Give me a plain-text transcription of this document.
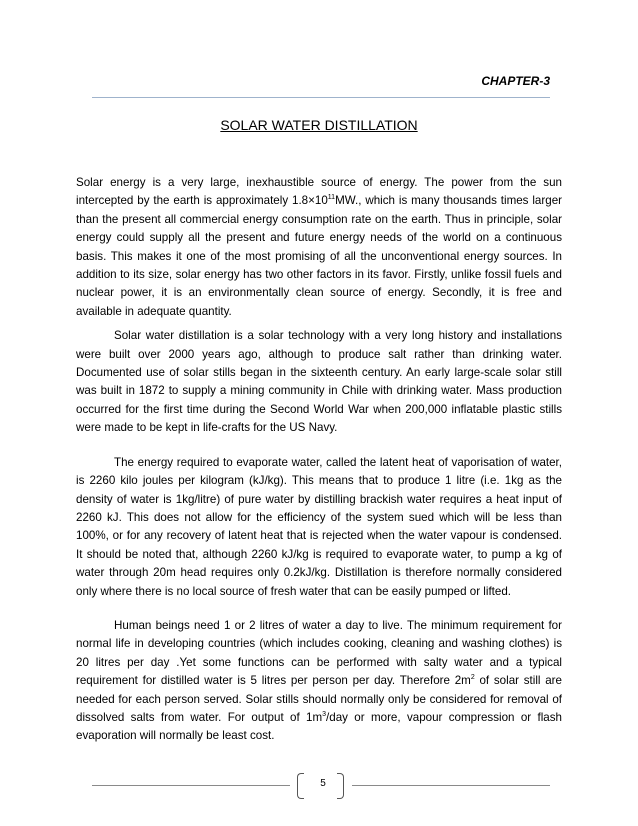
CHAPTER-3
SOLAR WATER DISTILLATION

Solar energy is a very large, inexhaustible source of energy. The power from the sun intercepted by the earth is approximately $1.8\times 10^{11}MW$., which is many thousands times larger than the present all commercial energy consumption rate on the earth. Thus in principle, solar energy could supply all the present and future energy needs of the world on a continuous basis. This makes it one of the most promising of all the unconventional energy sources. In addition to its size, solar energy has two other factors in its favor. Firstly, unlike fossil fuels and nuclear power, it is an environmentally clean source of energy. Secondly, it is free and available in adequate quantity.

Solar water distillation is a solar technology with a very long history and installations were built over 2000 years ago, although to produce salt rather than drinking water. Documented use of solar stills began in the sixteenth century. An early large-scale solar still was built in 1872 to supply a mining community in Chile with drinking water. Mass production occurred for the first time during the Second World War when 200,000 inflatable plastic stills were made to be kept in life-crafts for the US Navy.

The energy required to evaporate water, called the latent heat of vaporisation of water, is 2260 kilo joules per kilogram (kJ/kg). This means that to produce 1 litre (i.e. 1kg as the density of water is 1kg/litre) of pure water by distilling brackish water requires a heat input of 2260 kJ. This does not allow for the efficiency of the system sued which will be less than 100%, or for any recovery of latent heat that is rejected when the water vapour is condensed. It should be noted that, although 2260 kJ/kg is required to evaporate water, to pump a kg of water through 20m head requires only 0.2kJ/kg. Distillation is therefore normally considered only where there is no local source of fresh water that can be easily pumped or lifted.

Human beings need 1 or 2 litres of water a day to live. The minimum requirement for normal life in developing countries (which includes cooking, cleaning and washing clothes) is 20 litres per day .Yet some functions can be performed with salty water and a typical requirement for distilled water is 5 litres per person per day. Therefore $2m^2$ of solar still are needed for each person served. Solar stills should normally only be considered for removal of dissolved salts from water. For output of $1m^3$/day or more, vapour compression or flash evaporation will normally be least cost.

5
